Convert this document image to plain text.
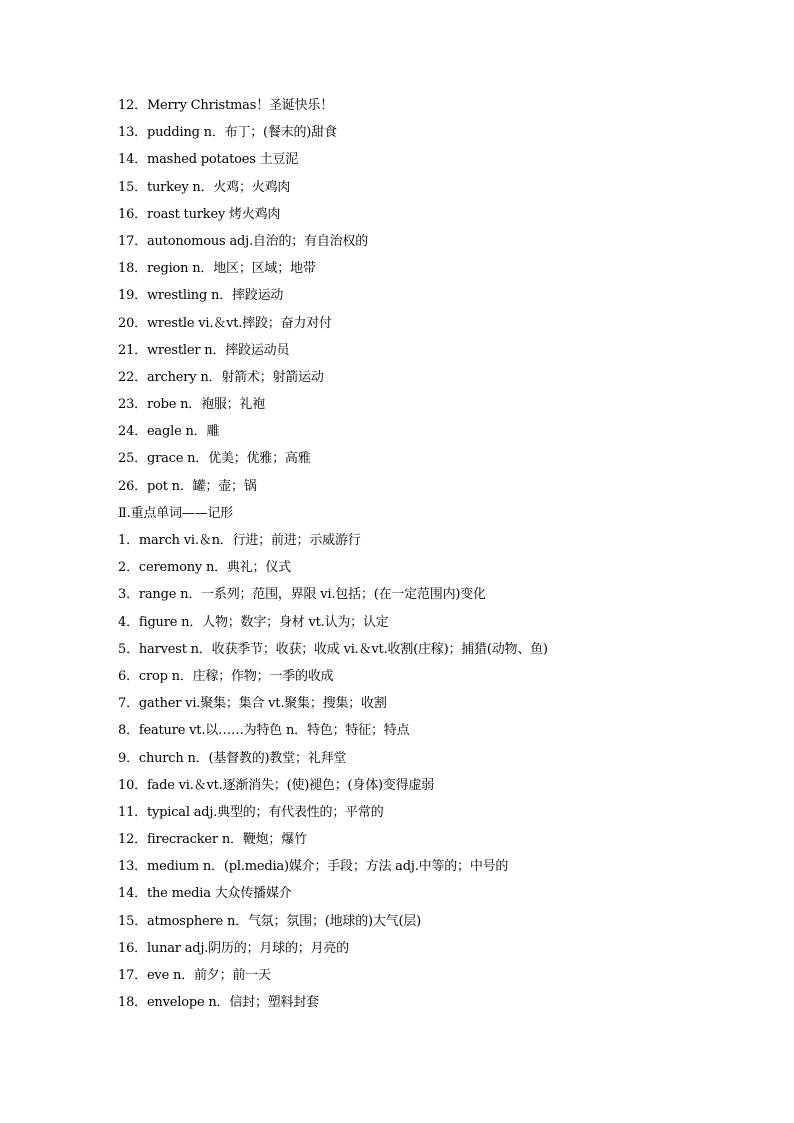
12．Merry Christmas！圣诞快乐！
13．pudding n．布丁；(餐末的)甜食
14．mashed potatoes 土豆泥
15．turkey n．火鸡；火鸡肉
16．roast turkey 烤火鸡肉
17．autonomous adj.自治的；有自治权的
18．region n．地区；区域；地带
19．wrestling n．摔跤运动
20．wrestle vi.＆vt.摔跤；奋力对付
21．wrestler n．摔跤运动员
22．archery n．射箭术；射箭运动
23．robe n．袍服；礼袍
24．eagle n．雕
25．grace n．优美；优雅；高雅
26．pot n．罐；壶；锅
Ⅱ.重点单词——记形
1．march vi.＆n．行进；前进；示威游行
2．ceremony n．典礼；仪式
3．range n．一系列；范围，界限 vi.包括；(在一定范围内)变化
4．figure n．人物；数字；身材 vt.认为；认定
5．harvest n．收获季节；收获；收成 vi.＆vt.收割(庄稼)；捕猎(动物、鱼)
6．crop n．庄稼；作物；一季的收成
7．gather vi.聚集；集合 vt.聚集；搜集；收割
8．feature vt.以……为特色 n．特色；特征；特点
9．church n．(基督教的)教堂；礼拜堂
10．fade vi.＆vt.逐渐消失；(使)褪色；(身体)变得虚弱
11．typical adj.典型的；有代表性的；平常的
12．firecracker n．鞭炮；爆竹
13．medium n．(pl.media)媒介；手段；方法 adj.中等的；中号的
14．the media 大众传播媒介
15．atmosphere n．气氛；氛围；(地球的)大气(层)
16．lunar adj.阴历的；月球的；月亮的
17．eve n．前夕；前一天
18．envelope n．信封；塑料封套
